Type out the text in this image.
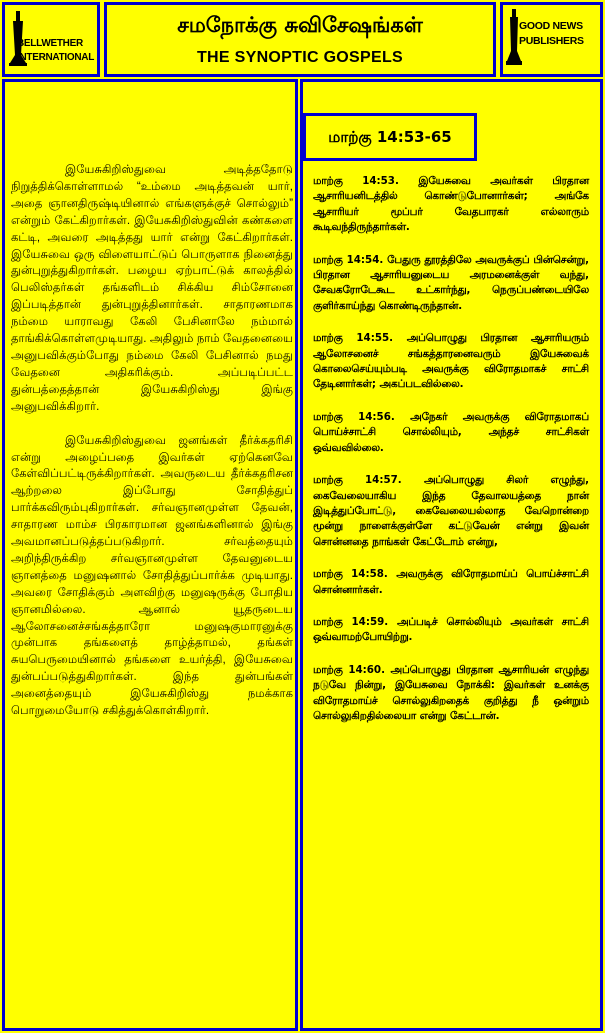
BELLWETHER
INTERNATIONAL
சமநோக்கு சுவிசேஷங்கள்
THE SYNOPTIC GOSPELS
GOOD NEWS
PUBLISHERS

இயேசுகிறிஸ்துவை அடித்ததோடு நிறுத்திக்கொள்ளாமல் “உம்மை அடித்தவன் யார், அதை ஞானதிருஷ்டியினால் எங்களுக்குச் சொல்லும்” என்றும் கேட்கிறார்கள். இயேசுகிறிஸ்துவின் கண்களை கட்டி, அவரை அடித்தது யார் என்று கேட்கிறார்கள். இயேசுவை ஒரு விளையாட்டுப் பொருளாக நினைத்து துன்புறுத்துகிறார்கள். பழைய ஏற்பாட்டுக் காலத்தில் பெலிஸ்தர்கள் தங்களிடம் சிக்கிய சிம்சோனை இப்படித்தான் துன்புறுத்தினார்கள். சாதாரணமாக நம்மை யாராவது கேலி பேசினாலே நம்மால் தாங்கிக்கொள்ளமுடியாது. அதிலும் நாம் வேதனையை அனுபவிக்கும்போது நம்மை கேலி பேசினால் நமது வேதனை அதிகரிக்கும். அப்படிப்பட்ட துன்பத்தைத்தான் இயேசுகிறிஸ்து இங்கு அனுபவிக்கிறார்.

இயேசுகிறிஸ்துவை ஜனங்கள் தீர்க்கதரிசி என்று அழைப்பதை இவர்கள் ஏற்கெனவே கேள்விப்பட்டிருக்கிறார்கள். அவருடைய தீர்க்கதரிசன ஆற்றலை இப்போது சோதித்துப் பார்க்கவிரும்புகிறார்கள். சர்வஞானமுள்ள தேவன், சாதாரண மாம்ச பிரகாரமான ஜனங்களினால் இங்கு அவமானப்படுத்தப்படுகிறார். சர்வத்தையும் அறிந்திருக்கிற சர்வஞானமுள்ள தேவனுடைய ஞானத்தை மனுஷனால் சோதித்துப்பார்க்க முடியாது. அவரை சோதிக்கும் அளவிற்கு மனுஷருக்கு போதிய ஞானமில்லை. ஆனால் யூதருடைய ஆலோசனைச்சங்கத்தாரோ மனுஷகுமாரனுக்கு முன்பாக தங்களைத் தாழ்த்தாமல், தங்கள் சுயபெருமையினால் தங்களை உயர்த்தி, இயேசுவை துன்பப்படுத்துகிறார்கள். இந்த துன்பங்கள் அனைத்தையும் இயேசுகிறிஸ்து நமக்காக பொறுமையோடு சகித்துக்கொள்கிறார்.

மாற்கு 14:53-65
மாற்கு 14:53. இயேசுவை அவர்கள் பிரதான ஆசாரியனிடத்தில் கொண்டுபோனார்கள்; அங்கே ஆசாரியர் மூப்பர் வேதபாரகர் எல்லாரும் கூடிவந்திருந்தார்கள்.
மாற்கு 14:54. பேதுரு தூரத்திலே அவருக்குப் பின்சென்று, பிரதான ஆசாரியனுடைய அரமனைக்குள் வந்து, சேவகரோடேகூட உட்கார்ந்து, நெருப்பண்டையிலே குளிர்காய்ந்து கொண்டிருந்தான்.
மாற்கு 14:55. அப்பொழுது பிரதான ஆசாரியரும் ஆலோசனைச் சங்கத்தாரனைவரும் இயேசுவைக் கொலைசெய்யும்படி அவருக்கு விரோதமாகச் சாட்சி தேடினார்கள்; அகப்படவில்லை.
மாற்கு 14:56. அநேகர் அவருக்கு விரோதமாகப் பொய்ச்சாட்சி சொல்லியும், அந்தச் சாட்சிகள் ஒவ்வவில்லை.
மாற்கு 14:57. அப்பொழுது சிலர் எழுந்து, கைவேலையாகிய இந்த தேவாலயத்தை நான் இடித்துப்போட்டு, கைவேலையல்லாத வேறொன்றை மூன்று நாளைக்குள்ளே கட்டுவேன் என்று இவன் சொன்னதை நாங்கள் கேட்டோம் என்று,
மாற்கு 14:58. அவருக்கு விரோதமாய்ப் பொய்ச்சாட்சி சொன்னார்கள்.
மாற்கு 14:59. அப்படிச் சொல்லியும் அவர்கள் சாட்சி ஒவ்வாமற்போயிற்று.
மாற்கு 14:60. அப்பொழுது பிரதான ஆசாரியன் எழுந்து நடுவே நின்று, இயேசுவை நோக்கி: இவர்கள் உனக்கு விரோதமாய்ச் சொல்லுகிறதைக் குறித்து நீ ஒன்றும் சொல்லுகிறதில்லையா என்று கேட்டான்.
